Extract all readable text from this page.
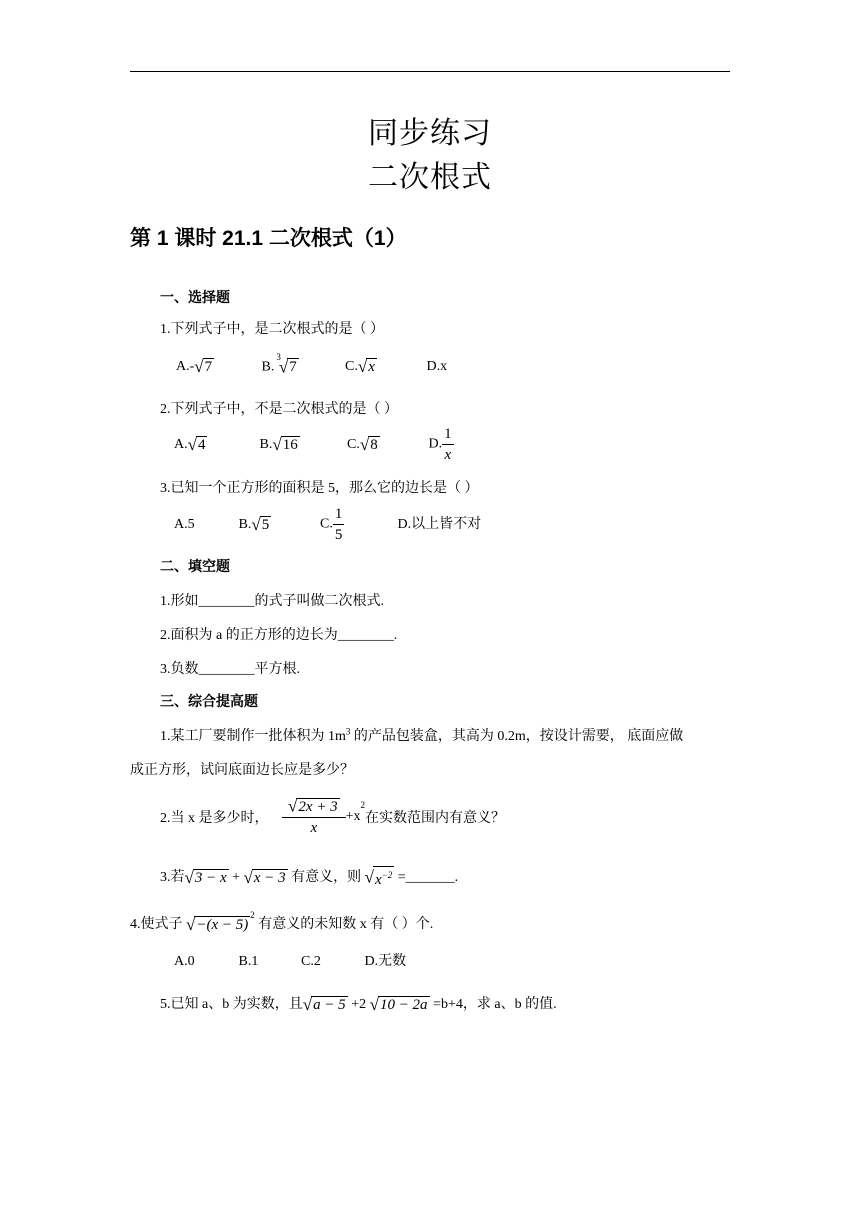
同步练习
二次根式
第 1 课时 21.1 二次根式（1）
一、选择题
1.下列式子中，是二次根式的是（ ）
A.-√7	B.$^3$√7	C.√x	D.x
2.下列式子中，不是二次根式的是（ ）
A.√4	B.√16	C.√8	D. $\frac{1}{x}$
3.已知一个正方形的面积是 5，那么它的边长是（ ）
A.5	B.√5	C. $\frac{1}{5}$	D.以上皆不对
二、填空题
1.形如________的式子叫做二次根式.
2.面积为 a 的正方形的边长为________.
3.负数________平方根.
三、综合提高题
1.某工厂要制作一批体积为 $1m^3$ 的产品包装盒，其高为 0.2m，按设计需要， 底面应做
成正方形，试问底面边长应是多少？
2.当 x 是多少时， $\frac{√2x + 3}{x} +x^2$在实数范围内有意义？
3.若√3 − x + √x − 3 有意义，则 $√x^{-2}$ =_______.
4.使式子 $√-(x - 5)^2$ 有意义的未知数 x 有（ ）个.
A.0	B.1	C.2	D.无数
5.已知 a、b 为实数，且√a − 5 +2 √10 − 2a =b+4，求 a、b 的值.
